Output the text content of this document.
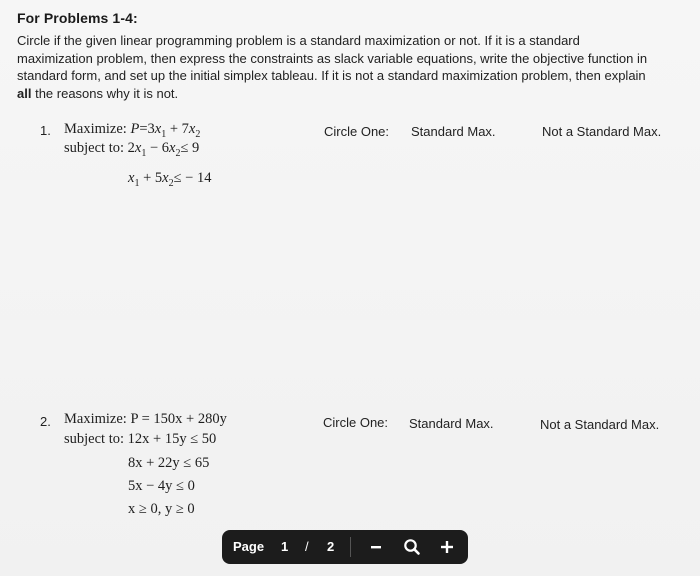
For Problems 1-4:
Circle if the given linear programming problem is a standard maximization or not. If it is a standard
maximization problem, then express the constraints as slack variable equations, write the objective function in
standard form, and set up the initial simplex tableau. If it is not a standard maximization problem, then explain
all the reasons why it is not.
1. Maximize: $P=3x_1 + 7x_2$
subject to: $2x_1 - 6x_2\le 9$
$x_1 + 5x_2\le - 14$
Circle One: Standard Max.	Not a Standard Max.
2. Maximize: P = 150x + 280y
subject to: 12x + 15y ≤ 50
8x + 22y ≤ 65
5x − 4y ≤ 0
x ≥ 0, y ≥ 0
Circle One: Standard Max.	Not a Standard Max.
Page 1 / 2
